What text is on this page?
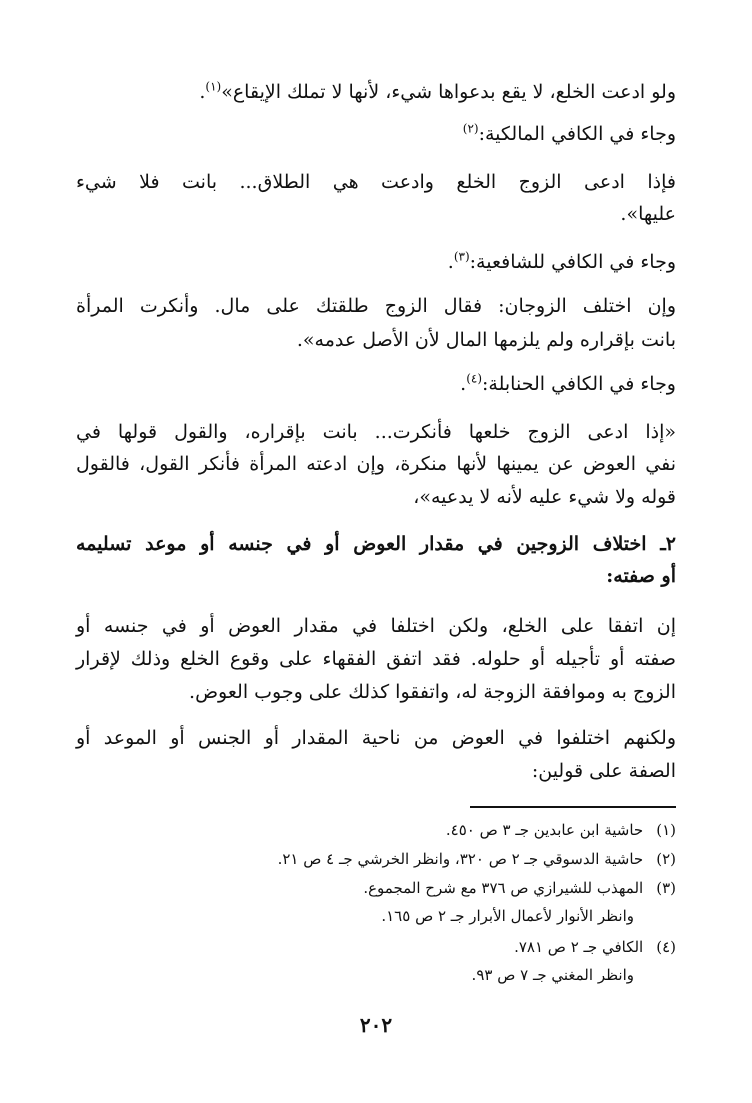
ولو ادعت الخلع، لا يقع بدعواها شيء، لأنها لا تملك الإيقاع»$^{(١)}$.
وجاء في الكافي المالكية:$^{(٢)}$
فإذا ادعى الزوج الخلع وادعت هي الطلاق... بانت فلا شيء
عليها».
وجاء في الكافي للشافعية:$^{(٣)}$.
وإن اختلف الزوجان: فقال الزوج طلقتك على مال. وأنكرت المرأة
بانت بإقراره ولم يلزمها المال لأن الأصل عدمه».
وجاء في الكافي الحنابلة:$^{(٤)}$.
«إذا ادعى الزوج خلعها فأنكرت... بانت بإقراره، والقول قولها في
نفي العوض عن يمينها لأنها منكرة، وإن ادعته المرأة فأنكر القول، فالقول
قوله ولا شيء عليه لأنه لا يدعيه»،
٢ـ اختلاف الزوجين في مقدار العوض أو في جنسه أو موعد تسليمه
أو صفته:
إن اتفقا على الخلع، ولكن اختلفا في مقدار العوض أو في جنسه أو
صفته أو تأجيله أو حلوله. فقد اتفق الفقهاء على وقوع الخلع وذلك لإقرار
الزوج به وموافقة الزوجة له، واتفقوا كذلك على وجوب العوض.
ولكنهم اختلفوا في العوض من ناحية المقدار أو الجنس أو الموعد أو
الصفة على قولين:
(١) حاشية ابن عابدين جـ ٣ ص ٤٥٠.
(٢) حاشية الدسوقي جـ ٢ ص ٣٢٠، وانظر الخرشي جـ ٤ ص ٢١.
(٣) المهذب للشيرازي ص ٣٧٦ مع شرح المجموع.
وانظر الأنوار لأعمال الأبرار جـ ٢ ص ١٦٥.
(٤) الكافي جـ ٢ ص ٧٨١.
وانظر المغني جـ ٧ ص ٩٣.
٢٠٢
